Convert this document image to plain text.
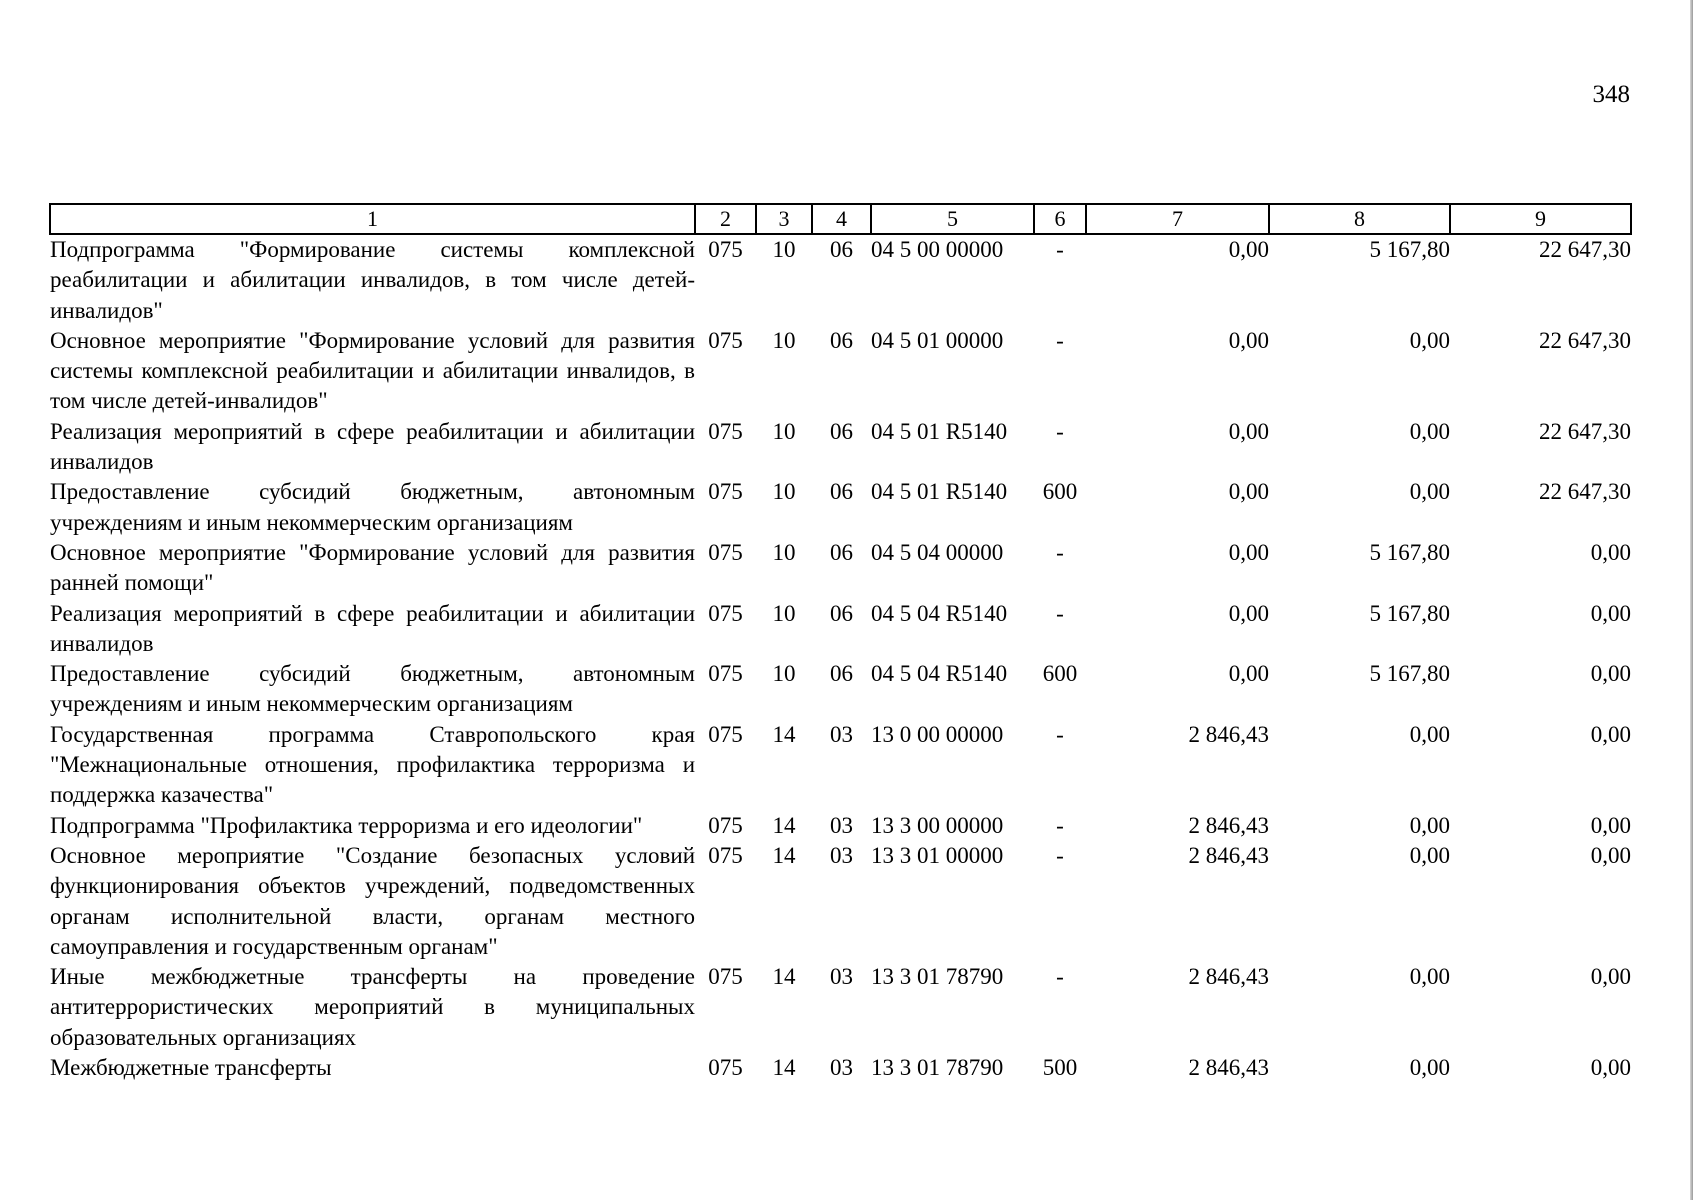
348
1	2	3	4	5	6	7	8	9
Подпрограмма "Формирование системы комплексной реабилитации и абилитации инвалидов, в том числе детей-инвалидов"	075	10	06	04 5 00 00000	-	0,00	5 167,80	22 647,30
Основное мероприятие "Формирование условий для развития системы комплексной реабилитации и абилитации инвалидов, в том числе детей-инвалидов"	075	10	06	04 5 01 00000	-	0,00	0,00	22 647,30
Реализация мероприятий в сфере реабилитации и абилитации инвалидов	075	10	06	04 5 01 R5140	-	0,00	0,00	22 647,30
Предоставление субсидий бюджетным, автономным учреждениям и иным некоммерческим организациям	075	10	06	04 5 01 R5140	600	0,00	0,00	22 647,30
Основное мероприятие "Формирование условий для развития ранней помощи"	075	10	06	04 5 04 00000	-	0,00	5 167,80	0,00
Реализация мероприятий в сфере реабилитации и абилитации инвалидов	075	10	06	04 5 04 R5140	-	0,00	5 167,80	0,00
Предоставление субсидий бюджетным, автономным учреждениям и иным некоммерческим организациям	075	10	06	04 5 04 R5140	600	0,00	5 167,80	0,00
Государственная программа Ставропольского края "Межнациональные отношения, профилактика терроризма и поддержка казачества"	075	14	03	13 0 00 00000	-	2 846,43	0,00	0,00
Подпрограмма "Профилактика терроризма и его идеологии"	075	14	03	13 3 00 00000	-	2 846,43	0,00	0,00
Основное мероприятие "Создание безопасных условий функционирования объектов учреждений, подведомственных органам исполнительной власти, органам местного самоуправления и государственным органам"	075	14	03	13 3 01 00000	-	2 846,43	0,00	0,00
Иные межбюджетные трансферты на проведение антитеррористических мероприятий в муниципальных образовательных организациях	075	14	03	13 3 01 78790	-	2 846,43	0,00	0,00
Межбюджетные трансферты	075	14	03	13 3 01 78790	500	2 846,43	0,00	0,00
